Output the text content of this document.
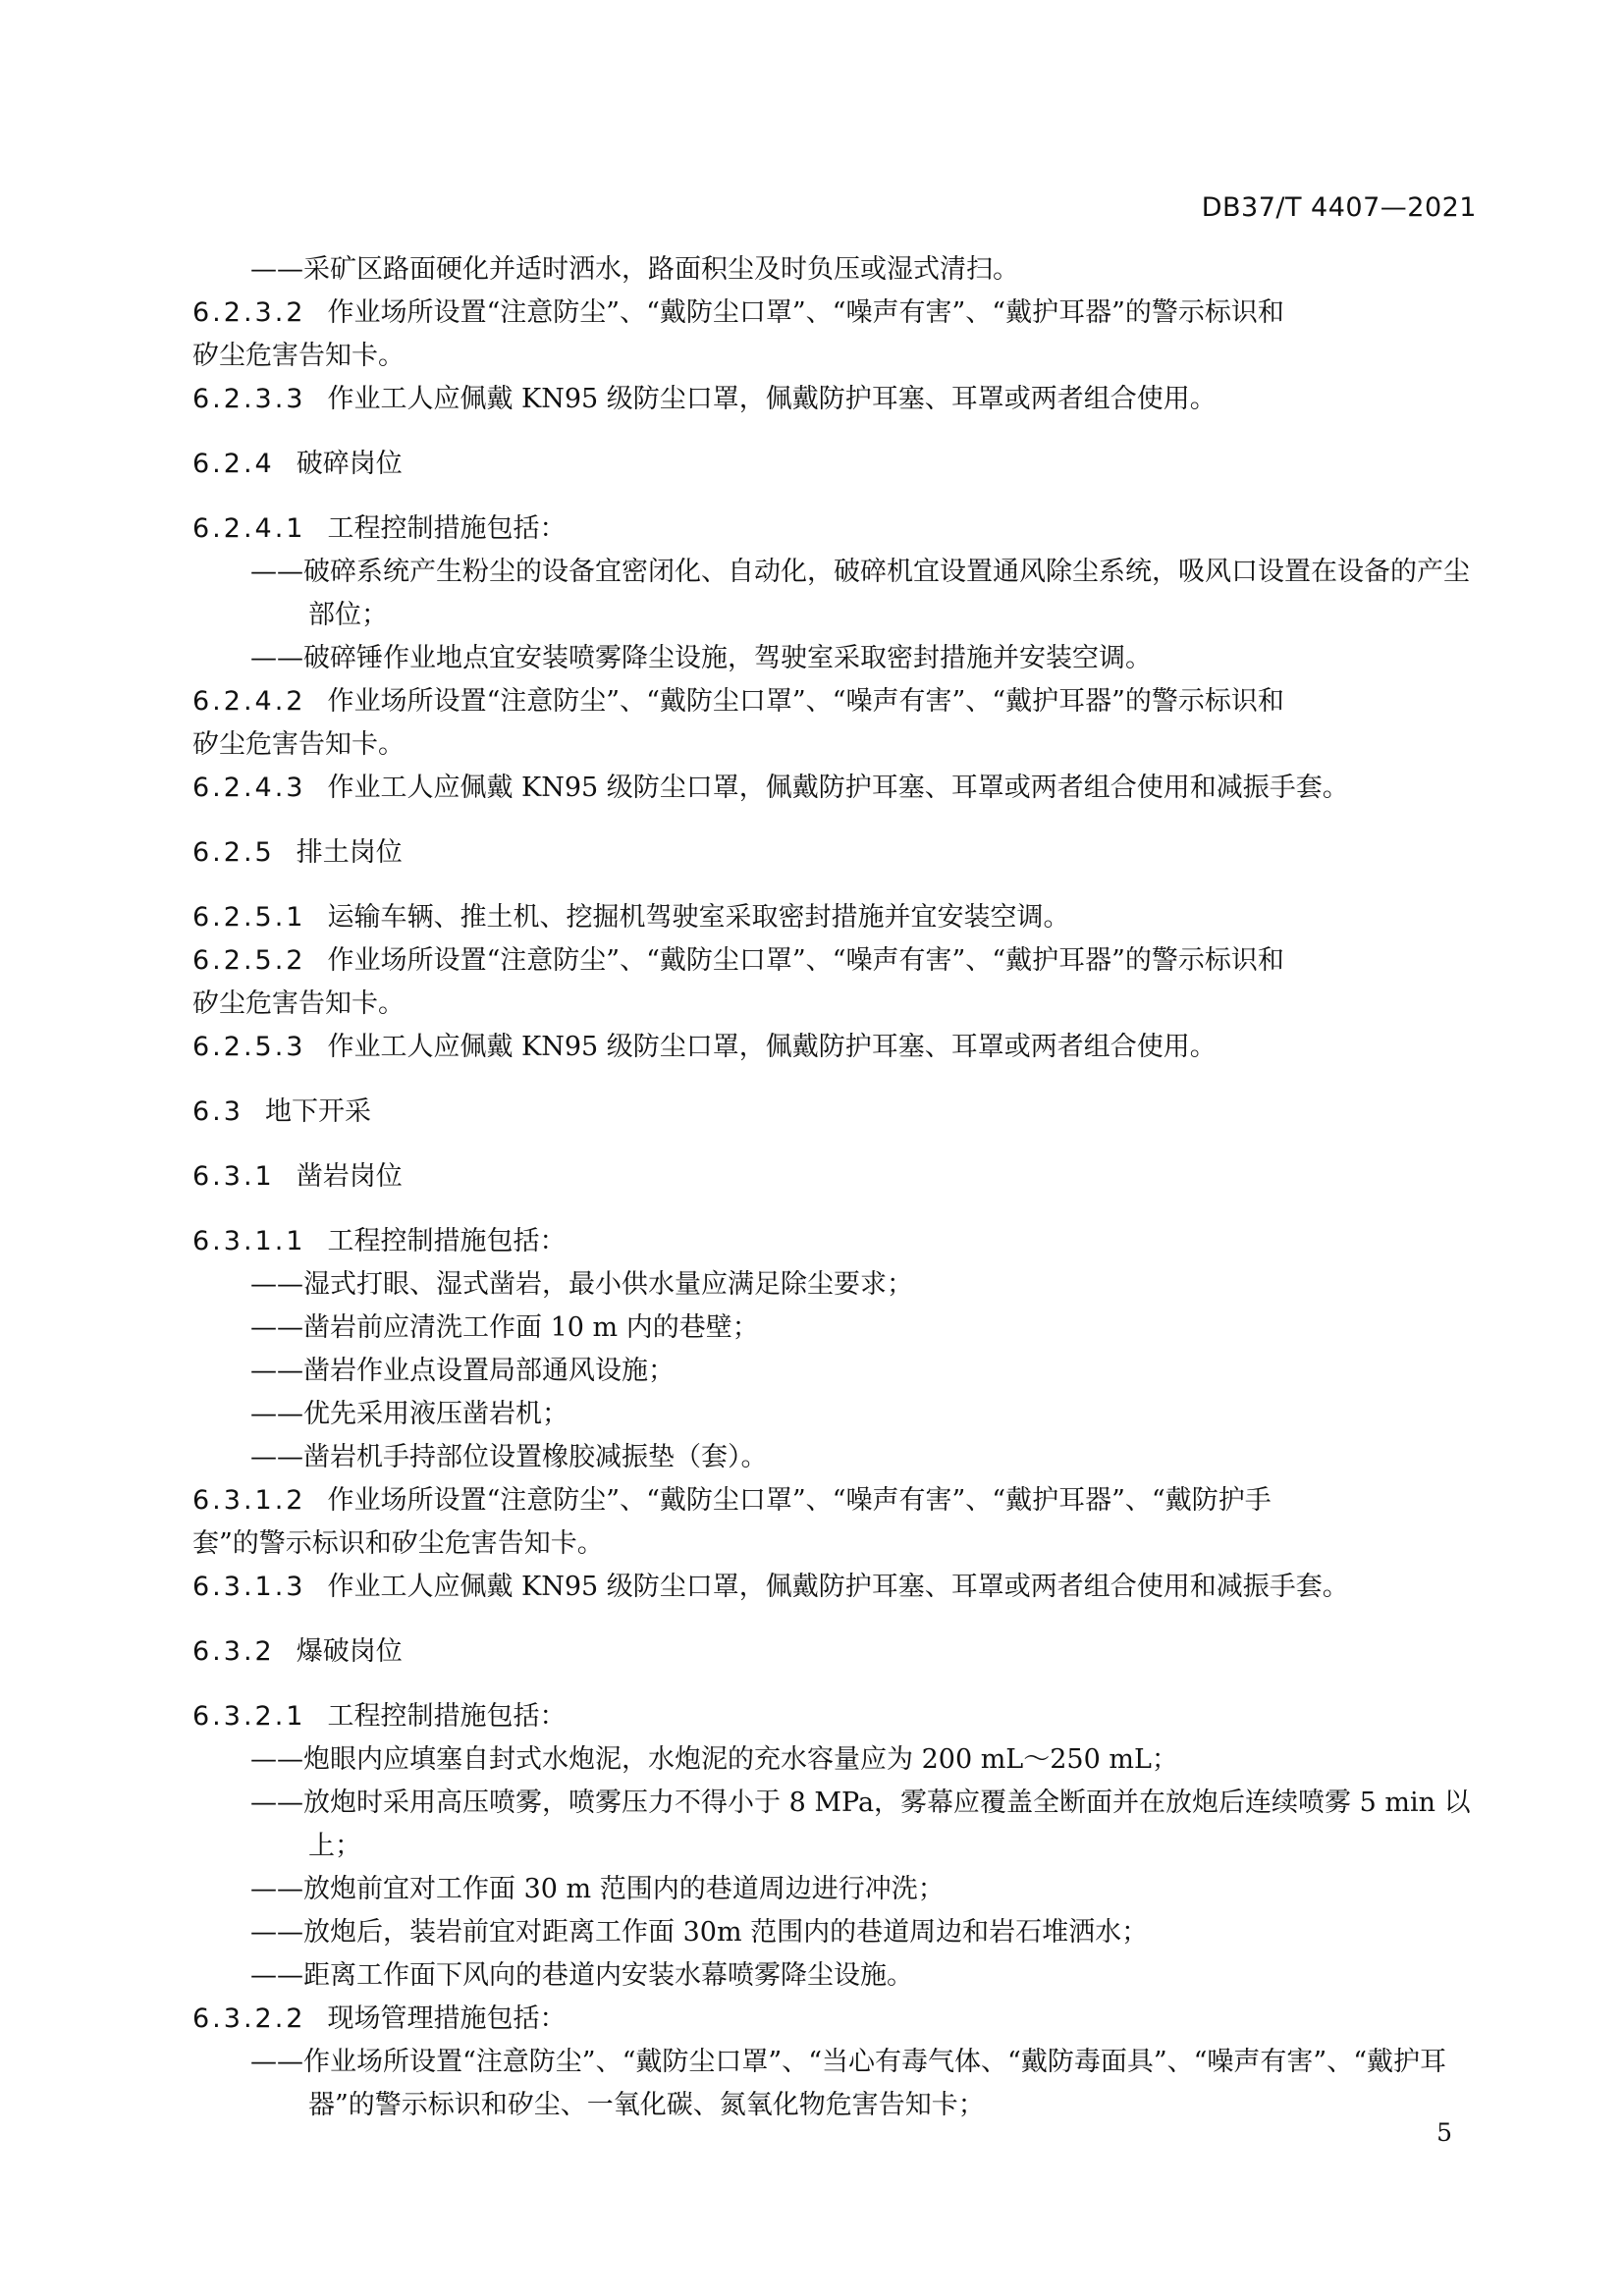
DB37/T 4407—2021

——采矿区路面硬化并适时洒水，路面积尘及时负压或湿式清扫。

6.2.3.2 作业场所设置“注意防尘”、“戴防尘口罩”、“噪声有害”、“戴护耳器”的警示标识和

矽尘危害告知卡。

6.2.3.3 作业工人应佩戴 KN95 级防尘口罩，佩戴防护耳塞、耳罩或两者组合使用。

6.2.4 破碎岗位

6.2.4.1 工程控制措施包括：

——破碎系统产生粉尘的设备宜密闭化、自动化，破碎机宜设置通风除尘系统，吸风口设置在设备的产尘部位；

——破碎锤作业地点宜安装喷雾降尘设施，驾驶室采取密封措施并安装空调。

6.2.4.2 作业场所设置“注意防尘”、“戴防尘口罩”、“噪声有害”、“戴护耳器”的警示标识和

矽尘危害告知卡。

6.2.4.3 作业工人应佩戴 KN95 级防尘口罩，佩戴防护耳塞、耳罩或两者组合使用和减振手套。

6.2.5 排土岗位

6.2.5.1 运输车辆、推土机、挖掘机驾驶室采取密封措施并宜安装空调。

6.2.5.2 作业场所设置“注意防尘”、“戴防尘口罩”、“噪声有害”、“戴护耳器”的警示标识和

矽尘危害告知卡。

6.2.5.3 作业工人应佩戴 KN95 级防尘口罩，佩戴防护耳塞、耳罩或两者组合使用。

6.3 地下开采

6.3.1 凿岩岗位

6.3.1.1 工程控制措施包括：

——湿式打眼、湿式凿岩，最小供水量应满足除尘要求；

——凿岩前应清洗工作面 10 m 内的巷壁；

——凿岩作业点设置局部通风设施；

——优先采用液压凿岩机；

——凿岩机手持部位设置橡胶减振垫（套）。

6.3.1.2 作业场所设置“注意防尘”、“戴防尘口罩”、“噪声有害”、“戴护耳器”、“戴防护手

套”的警示标识和矽尘危害告知卡。

6.3.1.3 作业工人应佩戴 KN95 级防尘口罩，佩戴防护耳塞、耳罩或两者组合使用和减振手套。

6.3.2 爆破岗位

6.3.2.1 工程控制措施包括：

——炮眼内应填塞自封式水炮泥，水炮泥的充水容量应为 200 mL～250 mL；

——放炮时采用高压喷雾，喷雾压力不得小于 8 MPa，雾幕应覆盖全断面并在放炮后连续喷雾 5 min 以上；

——放炮前宜对工作面 30 m 范围内的巷道周边进行冲洗；

——放炮后，装岩前宜对距离工作面 30m 范围内的巷道周边和岩石堆洒水；

——距离工作面下风向的巷道内安装水幕喷雾降尘设施。

6.3.2.2 现场管理措施包括：

——作业场所设置“注意防尘”、“戴防尘口罩”、“当心有毒气体、“戴防毒面具”、“噪声有害”、“戴护耳器”的警示标识和矽尘、一氧化碳、氮氧化物危害告知卡；

5
